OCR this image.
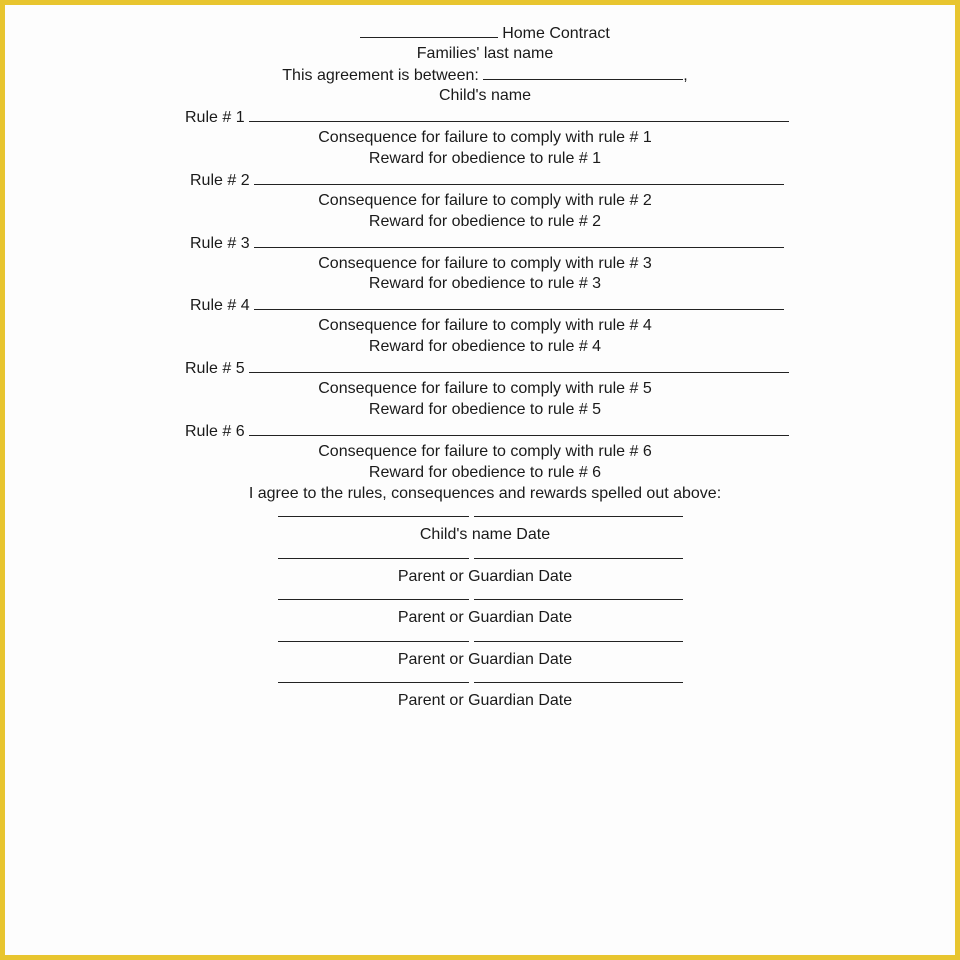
Home Contract
Families' last name
This agreement is between:	,
Child's name
Rule # 1
Consequence for failure to comply with rule # 1
Reward for obedience to rule # 1
Rule # 2
Consequence for failure to comply with rule # 2
Reward for obedience to rule # 2
Rule # 3
Consequence for failure to comply with rule # 3
Reward for obedience to rule # 3
Rule # 4
Consequence for failure to comply with rule # 4
Reward for obedience to rule # 4
Rule # 5
Consequence for failure to comply with rule # 5
Reward for obedience to rule # 5
Rule # 6
Consequence for failure to comply with rule # 6
Reward for obedience to rule # 6
I agree to the rules, consequences and rewards spelled out above:
Child's name Date
Parent or Guardian Date
Parent or Guardian Date
Parent or Guardian Date
Parent or Guardian Date
